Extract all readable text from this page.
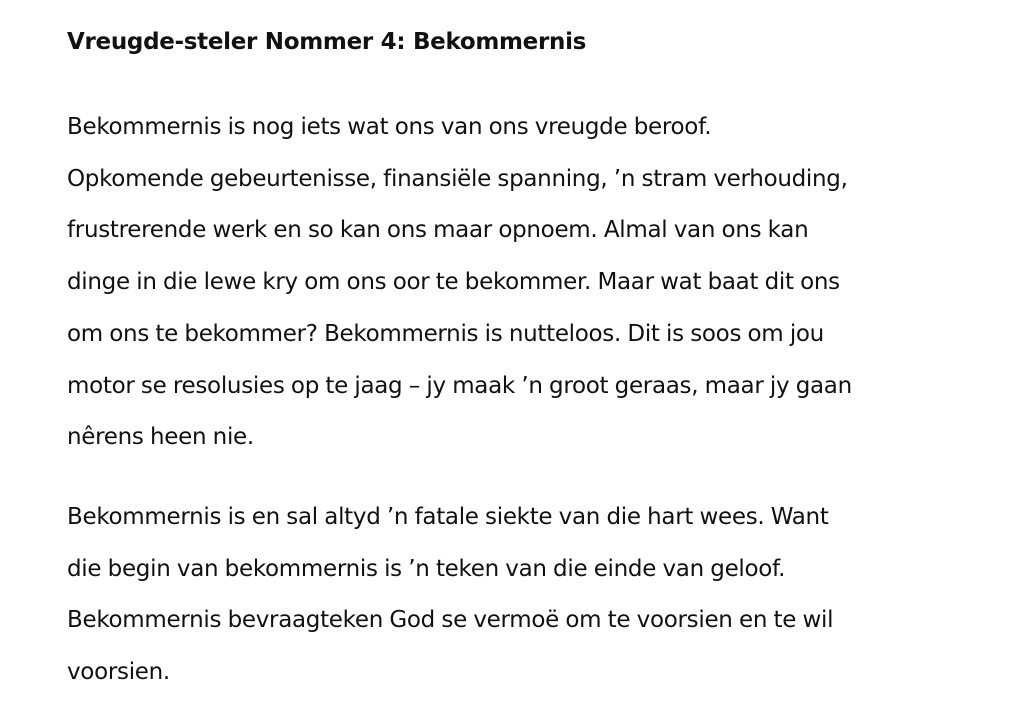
Vreugde-steler Nommer 4: Bekommernis

Bekommernis is nog iets wat ons van ons vreugde beroof.
Opkomende gebeurtenisse, finansiële spanning, ’n stram verhouding,
frustrerende werk en so kan ons maar opnoem. Almal van ons kan
dinge in die lewe kry om ons oor te bekommer. Maar wat baat dit ons
om ons te bekommer? Bekommernis is nutteloos. Dit is soos om jou
motor se resolusies op te jaag – jy maak ’n groot geraas, maar jy gaan
nêrens heen nie.

Bekommernis is en sal altyd ’n fatale siekte van die hart wees. Want
die begin van bekommernis is ’n teken van die einde van geloof.
Bekommernis bevraagteken God se vermoë om te voorsien en te wil
voorsien.
